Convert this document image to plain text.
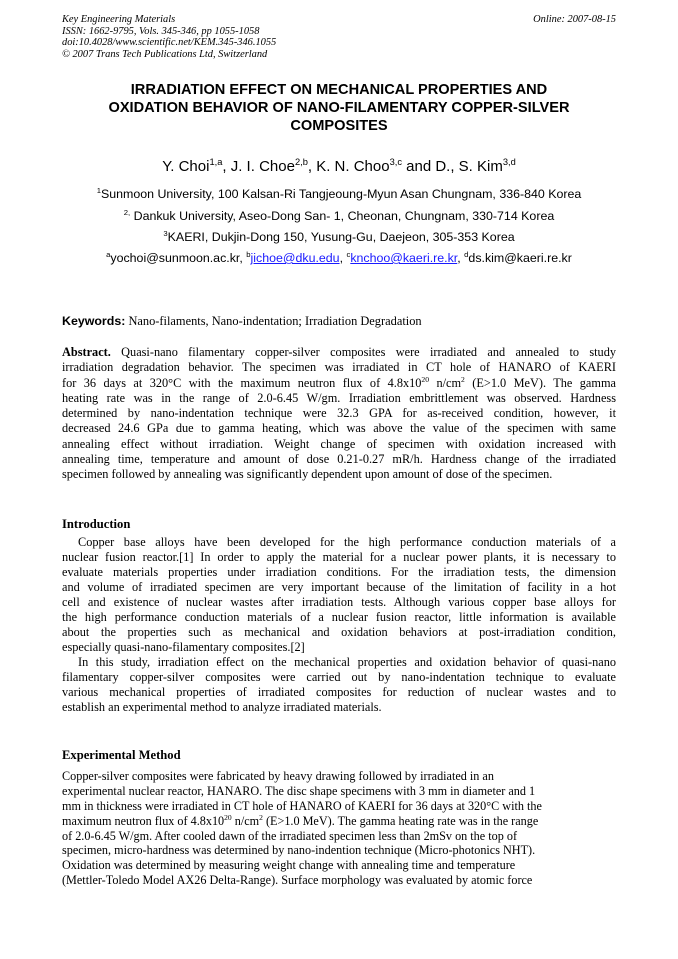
Key Engineering Materials
ISSN: 1662-9795, Vols. 345-346, pp 1055-1058
doi:10.4028/www.scientific.net/KEM.345-346.1055
© 2007 Trans Tech Publications Ltd, Switzerland
Online: 2007-08-15
IRRADIATION EFFECT ON MECHANICAL PROPERTIES AND
OXIDATION BEHAVIOR OF NANO-FILAMENTARY COPPER-SILVER
COMPOSITES
Y. Choi$^{1,a}$, J. I. Choe$^{2,b}$, K. N. Choo$^{3,c}$ and D., S. Kim$^{3,d}$
$^1$Sunmoon University, 100 Kalsan-Ri Tangjeoung-Myun Asan Chungnam, 336-840 Korea
$^{2,}$ Dankuk University, Aseo-Dong San- 1, Cheonan, Chungnam, 330-714 Korea
$^3$KAERI, Dukjin-Dong 150, Yusung-Gu, Daejeon, 305-353 Korea
$^a$yochoi@sunmoon.ac.kr, $^b$jichoe@dku.edu, $^c$knchoo@kaeri.re.kr, $^d$ds.kim@kaeri.re.kr
Keywords: Nano-filaments, Nano-indentation; Irradiation Degradation
Abstract. Quasi-nano filamentary copper-silver composites were irradiated and annealed to study
irradiation degradation behavior. The specimen was irradiated in CT hole of HANARO of KAERI
for 36 days at 320°C with the maximum neutron flux of $4.8x10^{20}$ $n/cm^2$ (E>1.0 MeV). The gamma
heating rate was in the range of 2.0-6.45 W/gm. Irradiation embrittlement was observed. Hardness
determined by nano-indentation technique were 32.3 GPA for as-received condition, however, it
decreased 24.6 GPa due to gamma heating, which was above the value of the specimen with same
annealing effect without irradiation. Weight change of specimen with oxidation increased with
annealing time, temperature and amount of dose 0.21-0.27 mR/h. Hardness change of the irradiated
specimen followed by annealing was significantly dependent upon amount of dose of the specimen.
Introduction
Copper base alloys have been developed for the high performance conduction materials of a
nuclear fusion reactor.[1] In order to apply the material for a nuclear power plants, it is necessary to
evaluate materials properties under irradiation conditions. For the irradiation tests, the dimension
and volume of irradiated specimen are very important because of the limitation of facility in a hot
cell and existence of nuclear wastes after irradiation tests. Although various copper base alloys for
the high performance conduction materials of a nuclear fusion reactor, little information is available
about the properties such as mechanical and oxidation behaviors at post-irradiation condition,
especially quasi-nano-filamentary composites.[2]
In this study, irradiation effect on the mechanical properties and oxidation behavior of quasi-nano
filamentary copper-silver composites were carried out by nano-indentation technique to evaluate
various mechanical properties of irradiated composites for reduction of nuclear wastes and to
establish an experimental method to analyze irradiated materials.
Experimental Method
Copper-silver composites were fabricated by heavy drawing followed by irradiated in an
experimental nuclear reactor, HANARO. The disc shape specimens with 3 mm in diameter and 1
mm in thickness were irradiated in CT hole of HANARO of KAERI for 36 days at 320°C with the
maximum neutron flux of $4.8x10^{20}$ $n/cm^2$ (E>1.0 MeV). The gamma heating rate was in the range
of 2.0-6.45 W/gm. After cooled dawn of the irradiated specimen less than 2mSv on the top of
specimen, micro-hardness was determined by nano-indention technique (Micro-photonics NHT).
Oxidation was determined by measuring weight change with annealing time and temperature
(Mettler-Toledo Model AX26 Delta-Range). Surface morphology was evaluated by atomic force
